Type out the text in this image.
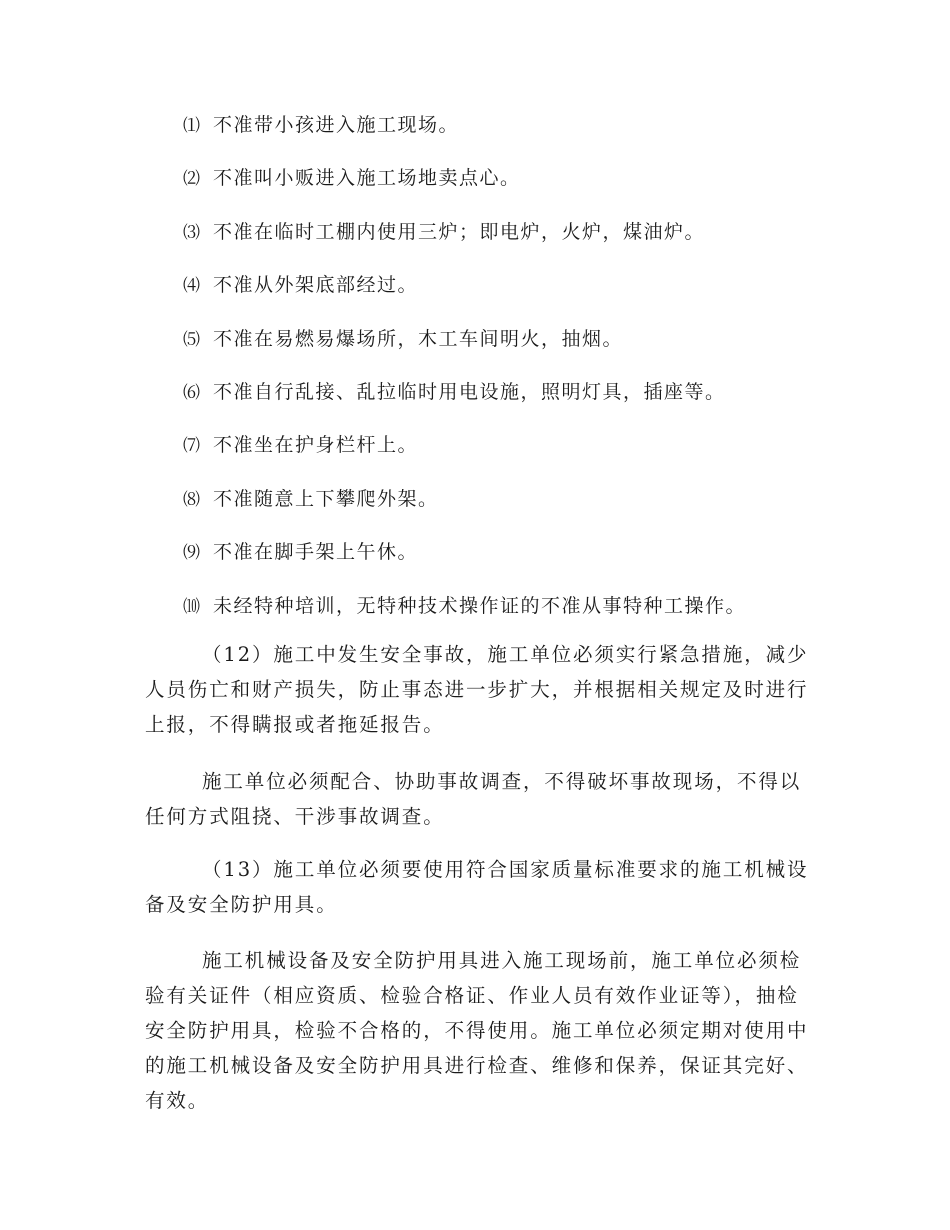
⑴ 不准带小孩进入施工现场。
⑵ 不准叫小贩进入施工场地卖点心。
⑶ 不准在临时工棚内使用三炉；即电炉，火炉，煤油炉。
⑷ 不准从外架底部经过。
⑸ 不准在易燃易爆场所，木工车间明火，抽烟。
⑹ 不准自行乱接、乱拉临时用电设施，照明灯具，插座等。
⑺ 不准坐在护身栏杆上。
⑻ 不准随意上下攀爬外架。
⑼ 不准在脚手架上午休。
⑽ 未经特种培训，无特种技术操作证的不准从事特种工操作。

（12）施工中发生安全事故，施工单位必须实行紧急措施，减少人员伤亡和财产损失，防止事态进一步扩大，并根据相关规定及时进行上报，不得瞒报或者拖延报告。

施工单位必须配合、协助事故调查，不得破坏事故现场，不得以任何方式阻挠、干涉事故调查。

（13）施工单位必须要使用符合国家质量标准要求的施工机械设备及安全防护用具。

施工机械设备及安全防护用具进入施工现场前，施工单位必须检验有关证件（相应资质、检验合格证、作业人员有效作业证等），抽检安全防护用具，检验不合格的，不得使用。施工单位必须定期对使用中的施工机械设备及安全防护用具进行检查、维修和保养，保证其完好、有效。
